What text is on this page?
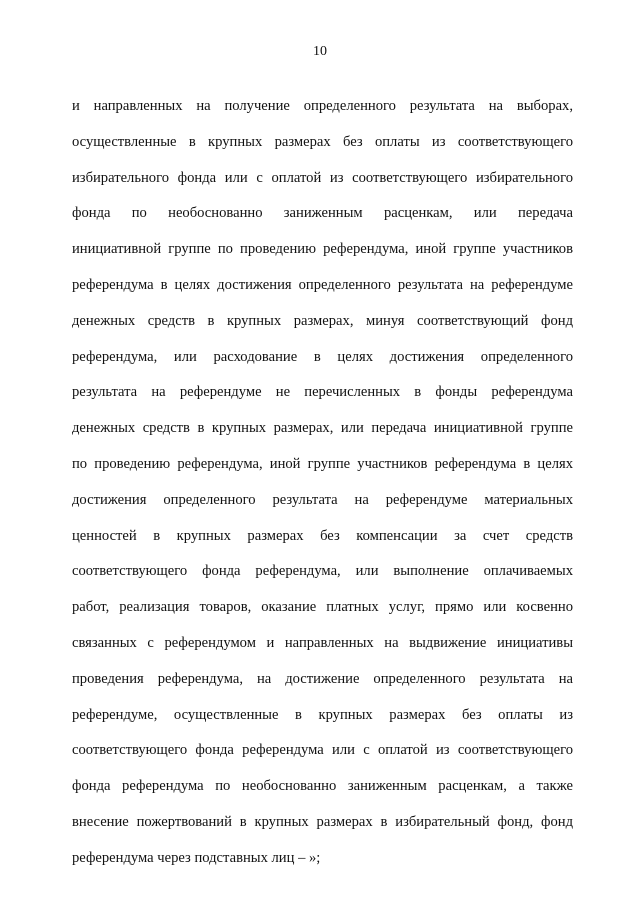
10
и направленных на получение определенного результата на выборах,
осуществленные в крупных размерах без оплаты из соответствующего
избирательного фонда или с оплатой из соответствующего избирательного
фонда по необоснованно заниженным расценкам, или передача
инициативной группе по проведению референдума, иной группе участников
референдума в целях достижения определенного результата на референдуме
денежных средств в крупных размерах, минуя соответствующий фонд
референдума, или расходование в целях достижения определенного
результата на референдуме не перечисленных в фонды референдума
денежных средств в крупных размерах, или передача инициативной группе
по проведению референдума, иной группе участников референдума в целях
достижения определенного результата на референдуме материальных
ценностей в крупных размерах без компенсации за счет средств
соответствующего фонда референдума, или выполнение оплачиваемых
работ, реализация товаров, оказание платных услуг, прямо или косвенно
связанных с референдумом и направленных на выдвижение инициативы
проведения референдума, на достижение определенного результата на
референдуме, осуществленные в крупных размерах без оплаты из
соответствующего фонда референдума или с оплатой из соответствующего
фонда референдума по необоснованно заниженным расценкам, а также
внесение пожертвований в крупных размерах в избирательный фонд, фонд
референдума через подставных лиц – »;
